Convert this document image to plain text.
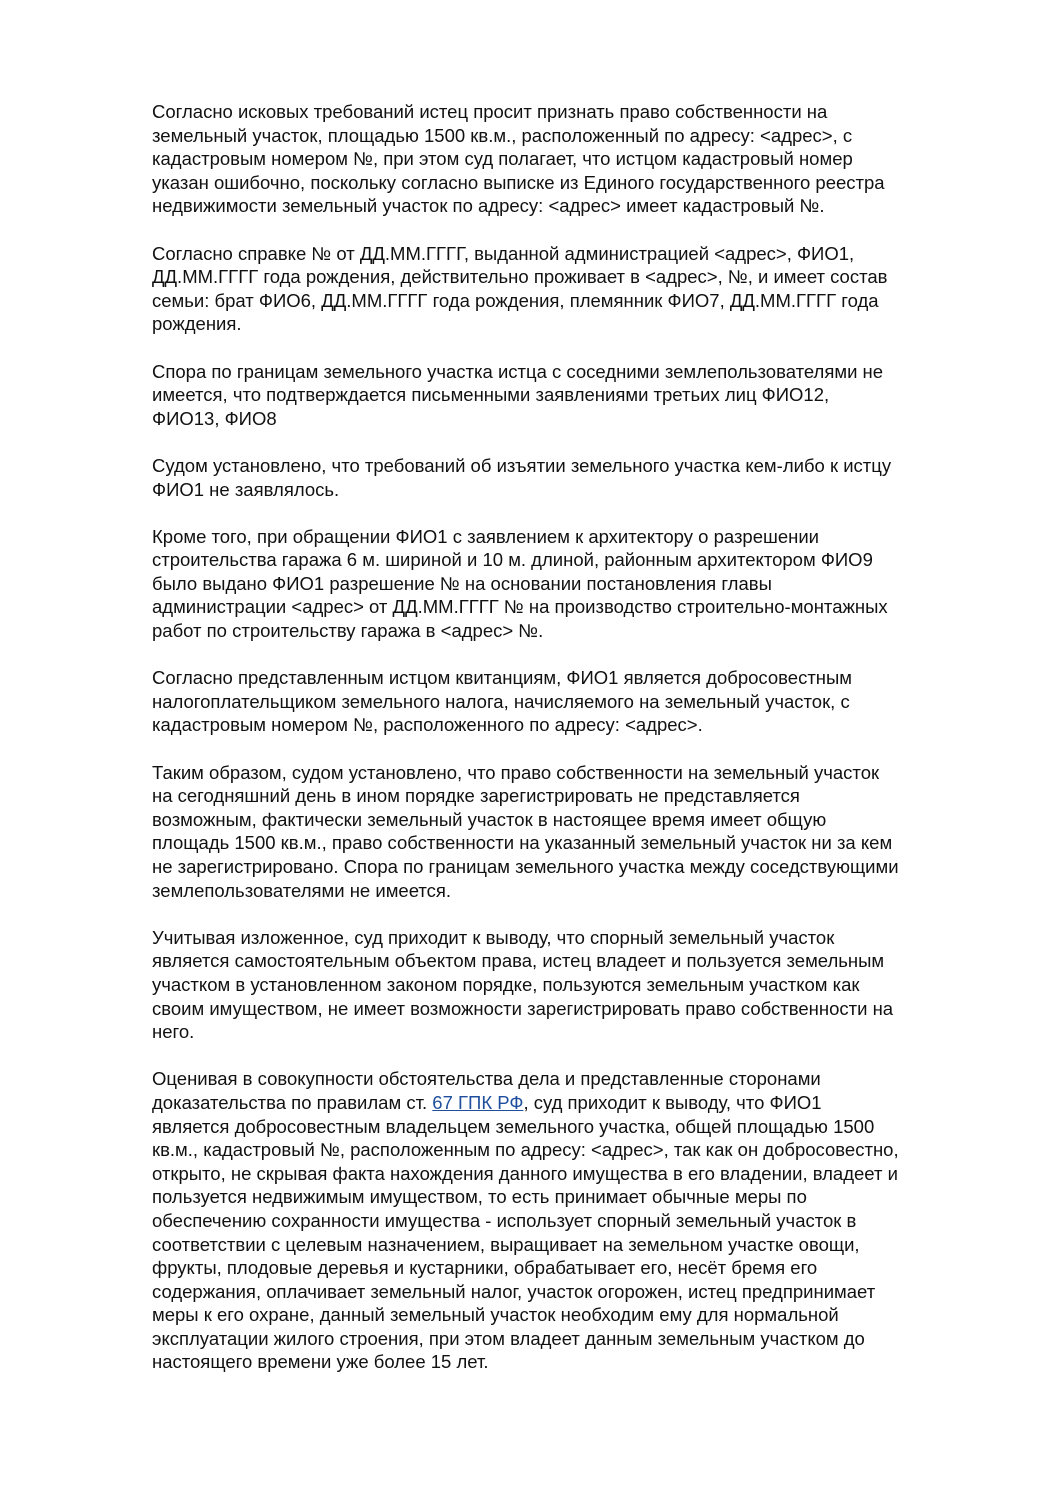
Согласно исковых требований истец просит признать право собственности на
земельный участок, площадью 1500 кв.м., расположенный по адресу: <адрес>, с
кадастровым номером №, при этом суд полагает, что истцом кадастровый номер
указан ошибочно, поскольку согласно выписке из Единого государственного реестра
недвижимости земельный участок по адресу: <адрес> имеет кадастровый №.

Согласно справке № от ДД.ММ.ГГГГ, выданной администрацией <адрес>, ФИО1,
ДД.ММ.ГГГГ года рождения, действительно проживает в <адрес>, №, и имеет состав
семьи: брат ФИО6, ДД.ММ.ГГГГ года рождения, племянник ФИО7, ДД.ММ.ГГГГ года
рождения.

Спора по границам земельного участка истца с соседними землепользователями не
имеется, что подтверждается письменными заявлениями третьих лиц ФИО12,
ФИО13, ФИО8

Судом установлено, что требований об изъятии земельного участка кем-либо к истцу
ФИО1 не заявлялось.

Кроме того, при обращении ФИО1 с заявлением к архитектору о разрешении
строительства гаража 6 м. шириной и 10 м. длиной, районным архитектором ФИО9
было выдано ФИО1 разрешение № на основании постановления главы
администрации <адрес> от ДД.ММ.ГГГГ № на производство строительно-монтажных
работ по строительству гаража в <адрес> №.

Согласно представленным истцом квитанциям, ФИО1 является добросовестным
налогоплательщиком земельного налога, начисляемого на земельный участок, с
кадастровым номером №, расположенного по адресу: <адрес>.

Таким образом, судом установлено, что право собственности на земельный участок
на сегодняшний день в ином порядке зарегистрировать не представляется
возможным, фактически земельный участок в настоящее время имеет общую
площадь 1500 кв.м., право собственности на указанный земельный участок ни за кем
не зарегистрировано. Спора по границам земельного участка между соседствующими
землепользователями не имеется.

Учитывая изложенное, суд приходит к выводу, что спорный земельный участок
является самостоятельным объектом права, истец владеет и пользуется земельным
участком в установленном законом порядке, пользуются земельным участком как
своим имуществом, не имеет возможности зарегистрировать право собственности на
него.

Оценивая в совокупности обстоятельства дела и представленные сторонами
доказательства по правилам ст. 67 ГПК РФ, суд приходит к выводу, что ФИО1
является добросовестным владельцем земельного участка, общей площадью 1500
кв.м., кадастровый №, расположенным по адресу: <адрес>, так как он добросовестно,
открыто, не скрывая факта нахождения данного имущества в его владении, владеет и
пользуется недвижимым имуществом, то есть принимает обычные меры по
обеспечению сохранности имущества - использует спорный земельный участок в
соответствии с целевым назначением, выращивает на земельном участке овощи,
фрукты, плодовые деревья и кустарники, обрабатывает его, несёт бремя его
содержания, оплачивает земельный налог, участок огорожен, истец предпринимает
меры к его охране, данный земельный участок необходим ему для нормальной
эксплуатации жилого строения, при этом владеет данным земельным участком до
настоящего времени уже более 15 лет.
